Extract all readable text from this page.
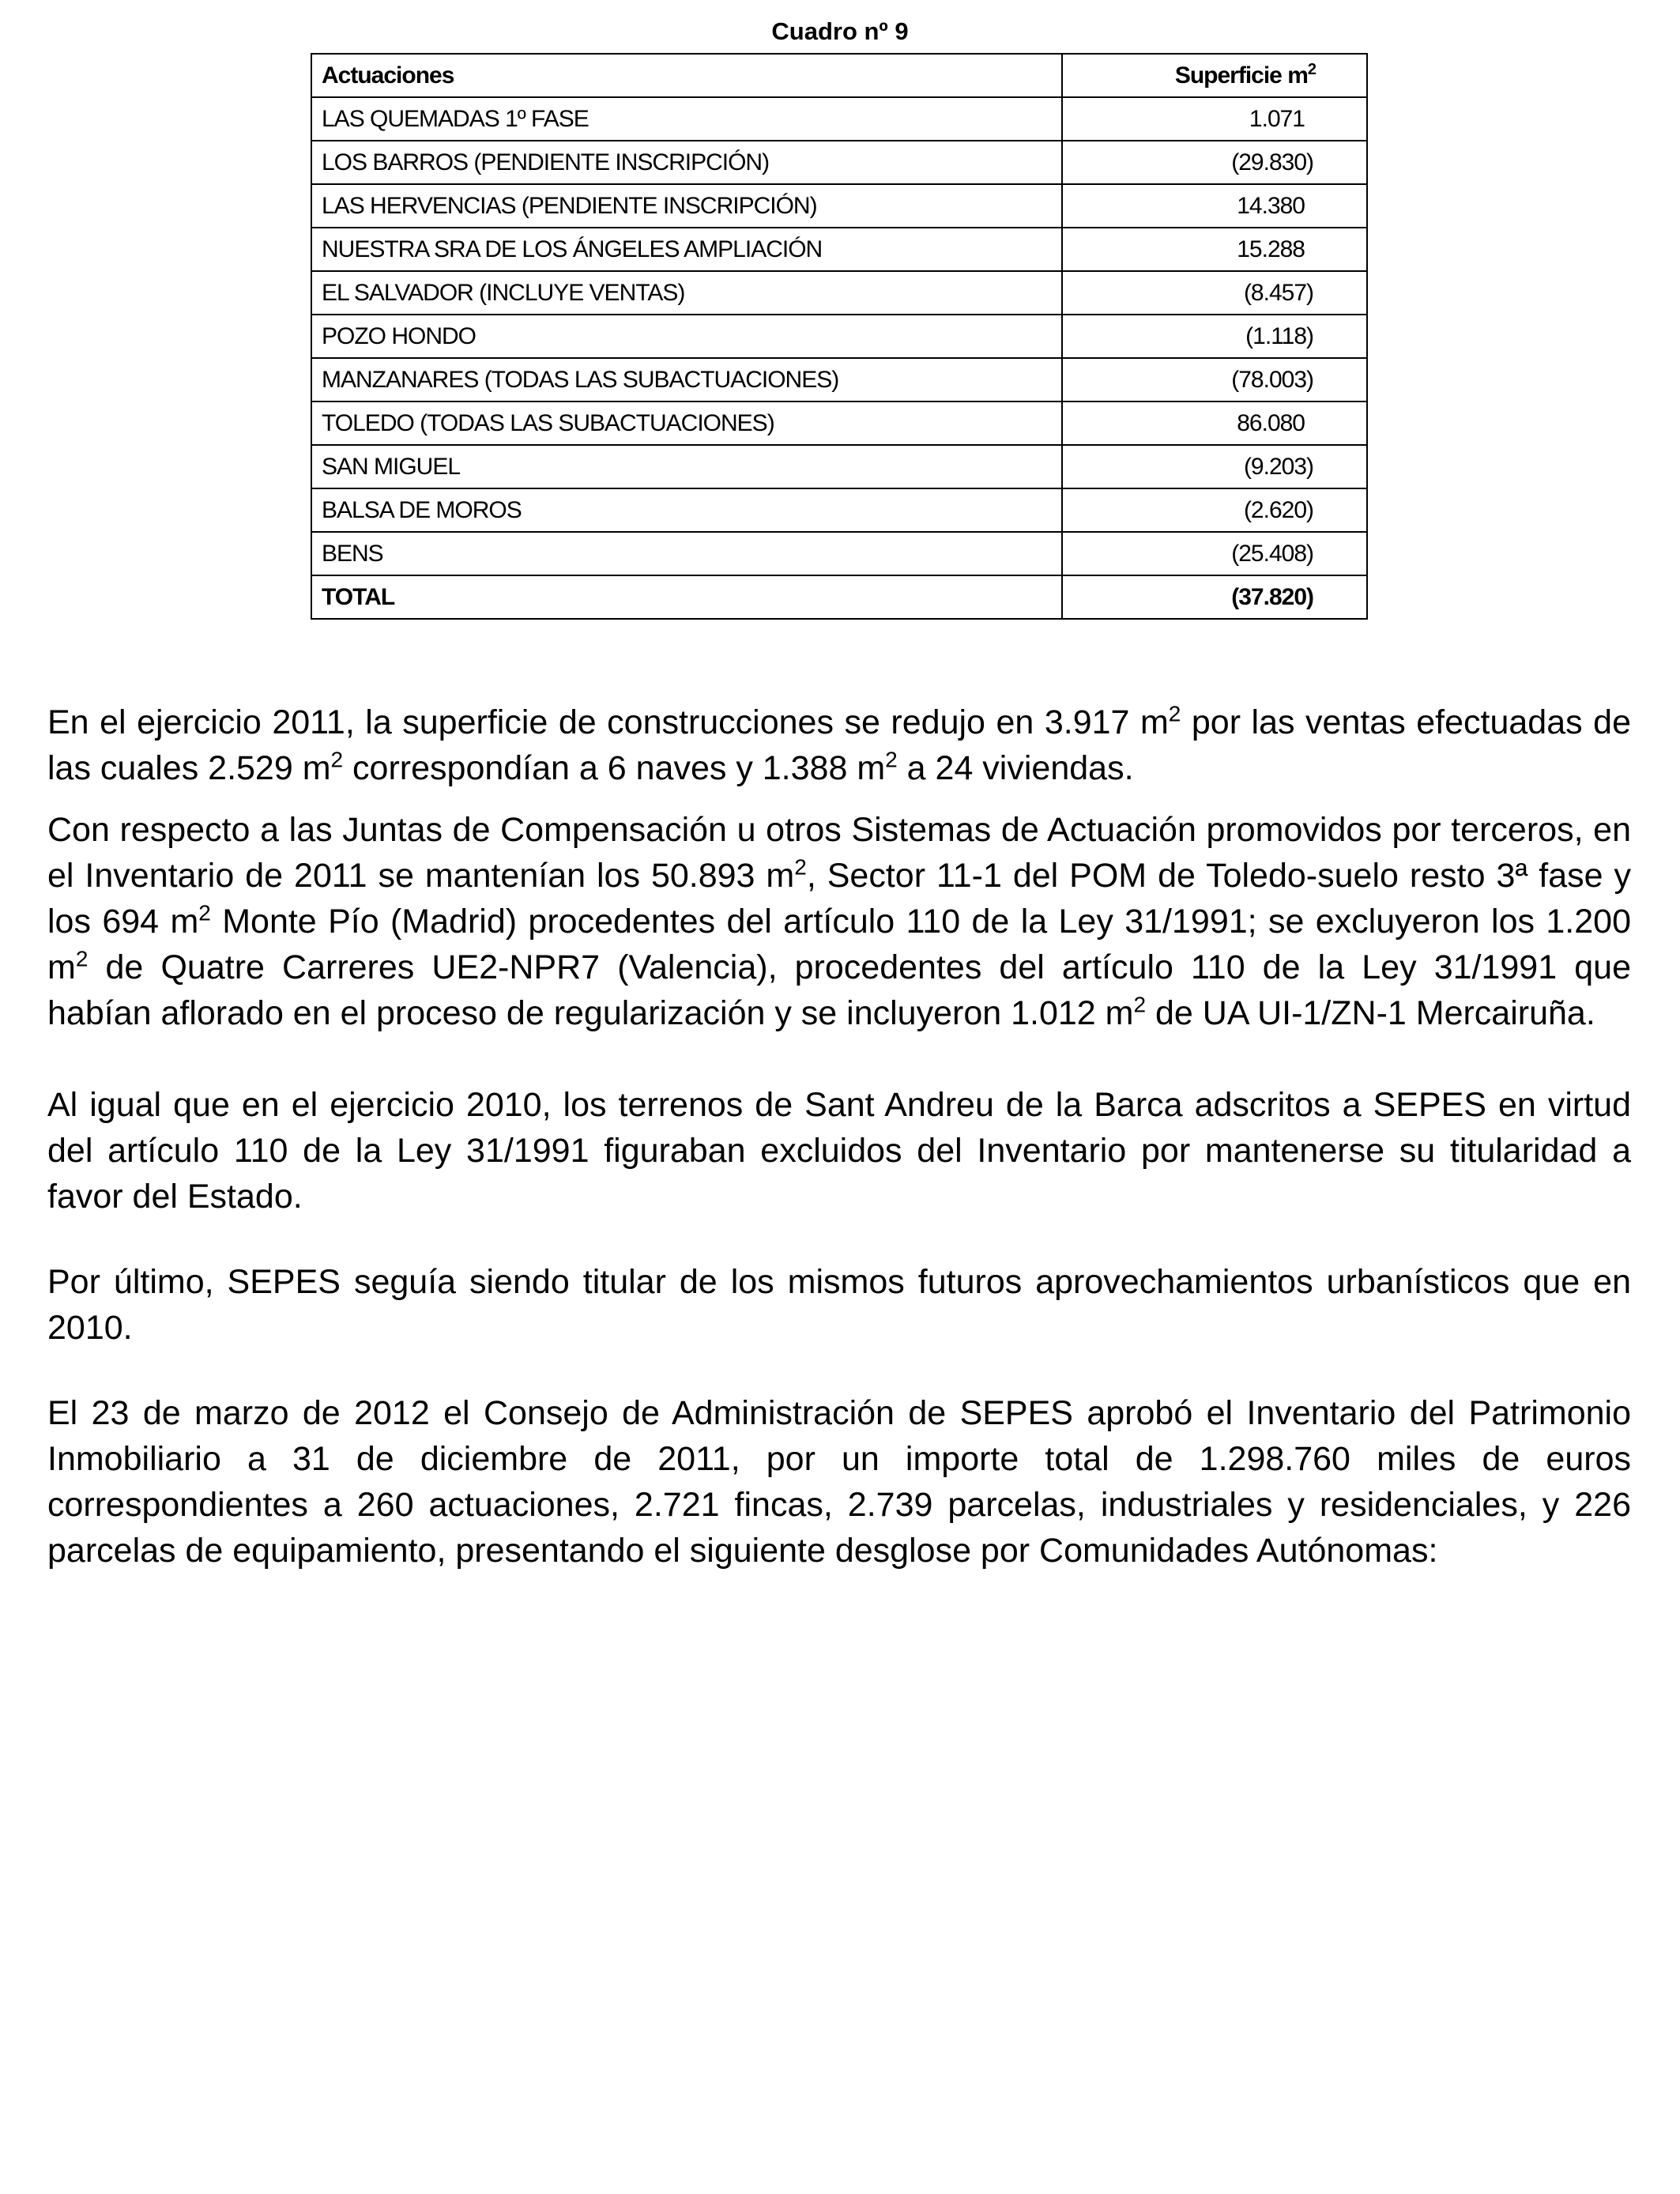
Cuadro nº 9
Actuaciones	Superficie $m^2$
LAS QUEMADAS 1º FASE	1.071
LOS BARROS (PENDIENTE INSCRIPCIÓN)	(29.830)
LAS HERVENCIAS (PENDIENTE INSCRIPCIÓN)	14.380
NUESTRA SRA DE LOS ÁNGELES AMPLIACIÓN	15.288
EL SALVADOR (INCLUYE VENTAS)	(8.457)
POZO HONDO	(1.118)
MANZANARES (TODAS LAS SUBACTUACIONES)	(78.003)
TOLEDO (TODAS LAS SUBACTUACIONES)	86.080
SAN MIGUEL	(9.203)
BALSA DE MOROS	(2.620)
BENS	(25.408)
TOTAL	(37.820)

En el ejercicio 2011, la superficie de construcciones se redujo en 3.917 $m^2$ por las ventas efectuadas de las cuales 2.529 $m^2$ correspondían a 6 naves y 1.388 $m^2$ a 24 viviendas.

Con respecto a las Juntas de Compensación u otros Sistemas de Actuación promovidos por terceros, en el Inventario de 2011 se mantenían los 50.893 $m^2$, Sector 11-1 del POM de Toledo-suelo resto 3ª fase y los 694 $m^2$ Monte Pío (Madrid) procedentes del artículo 110 de la Ley 31/1991; se excluyeron los 1.200 $m^2$ de Quatre Carreres UE2-NPR7 (Valencia), procedentes del artículo 110 de la Ley 31/1991 que habían aflorado en el proceso de regularización y se incluyeron 1.012 $m^2$ de UA UI-1/ZN-1 Mercairuña.

Al igual que en el ejercicio 2010, los terrenos de Sant Andreu de la Barca adscritos a SEPES en virtud del artículo 110 de la Ley 31/1991 figuraban excluidos del Inventario por mantenerse su titularidad a favor del Estado.

Por último, SEPES seguía siendo titular de los mismos futuros aprovechamientos urbanísticos que en 2010.

El 23 de marzo de 2012 el Consejo de Administración de SEPES aprobó el Inventario del Patrimonio Inmobiliario a 31 de diciembre de 2011, por un importe total de 1.298.760 miles de euros correspondientes a 260 actuaciones, 2.721 fincas, 2.739 parcelas, industriales y residenciales, y 226 parcelas de equipamiento, presentando el siguiente desglose por Comunidades Autónomas:
